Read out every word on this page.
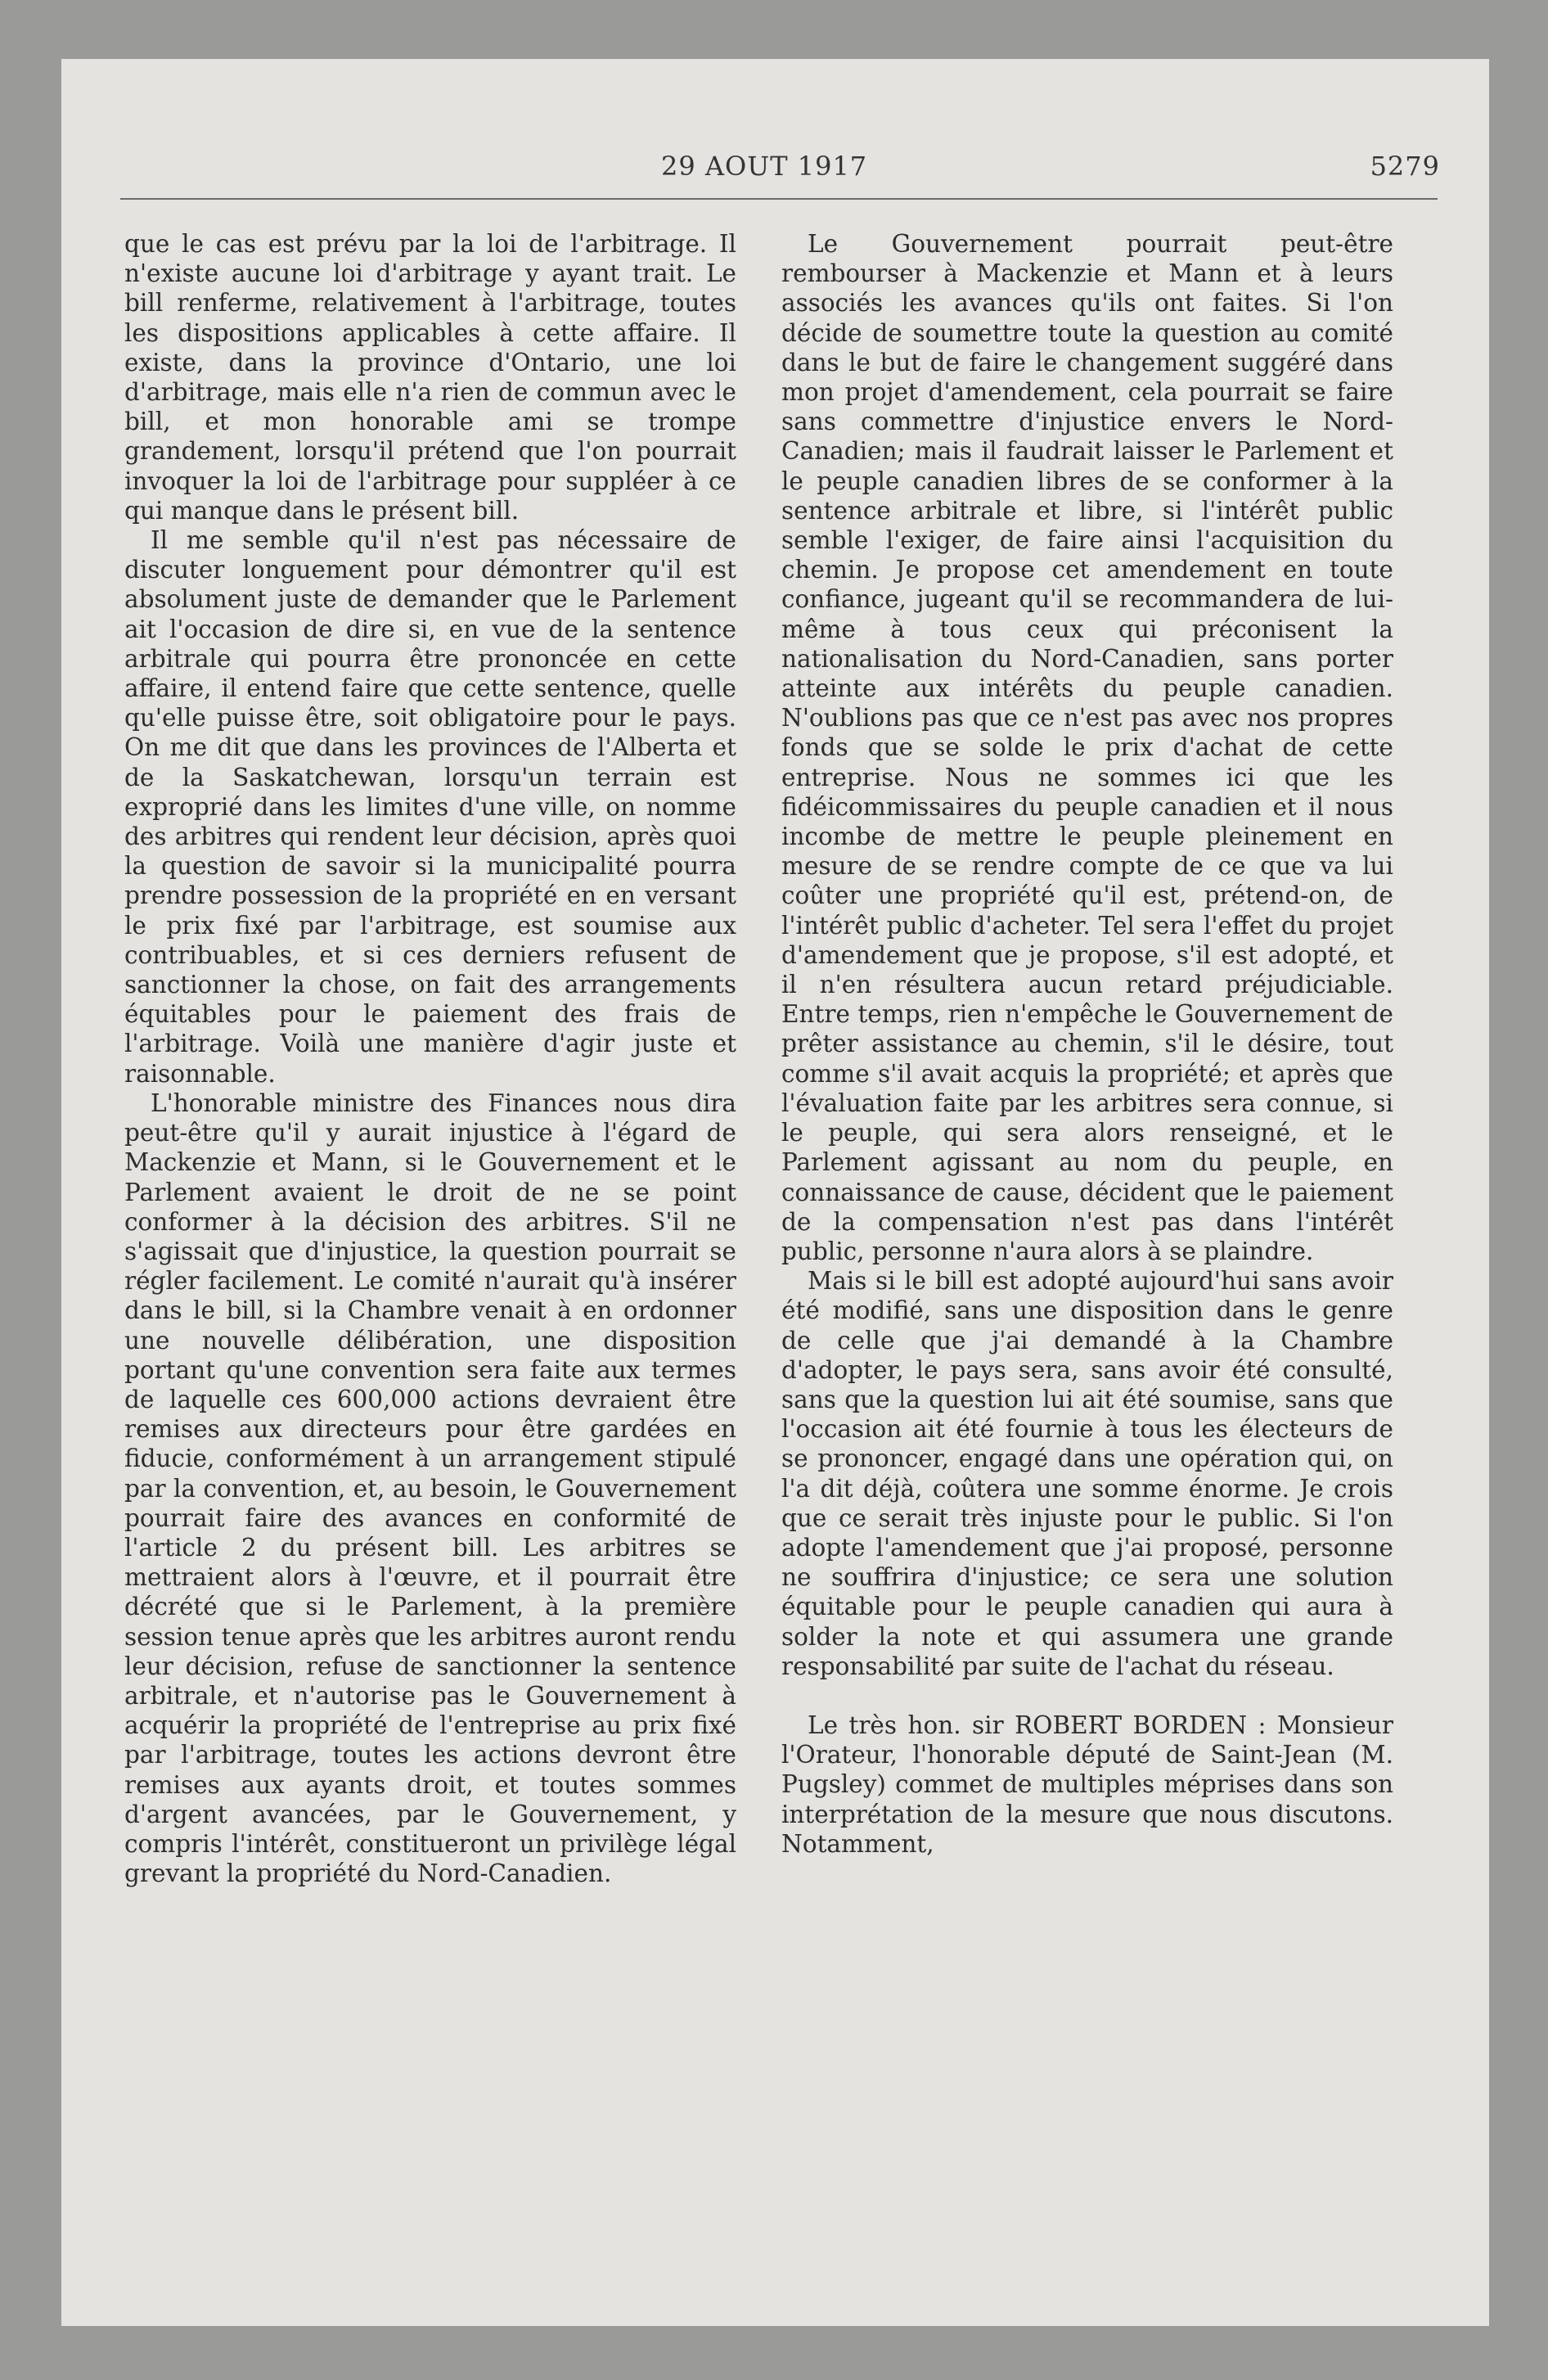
29 AOUT 1917	5279

que le cas est prévu par la loi de l'arbitrage. Il n'existe aucune loi d'arbitrage y ayant trait. Le bill renferme, relativement à l'arbitrage, toutes les dispositions applicables à cette affaire. Il existe, dans la province d'Ontario, une loi d'arbitrage, mais elle n'a rien de commun avec le bill, et mon honorable ami se trompe grandement, lorsqu'il prétend que l'on pourrait invoquer la loi de l'arbitrage pour suppléer à ce qui manque dans le présent bill.

Il me semble qu'il n'est pas nécessaire de discuter longuement pour démontrer qu'il est absolument juste de demander que le Parlement ait l'occasion de dire si, en vue de la sentence arbitrale qui pourra être prononcée en cette affaire, il entend faire que cette sentence, quelle qu'elle puisse être, soit obligatoire pour le pays. On me dit que dans les provinces de l'Alberta et de la Saskatchewan, lorsqu'un terrain est exproprié dans les limites d'une ville, on nomme des arbitres qui rendent leur décision, après quoi la question de savoir si la municipalité pourra prendre possession de la propriété en en versant le prix fixé par l'arbitrage, est soumise aux contribuables, et si ces derniers refusent de sanctionner la chose, on fait des arrangements équitables pour le paiement des frais de l'arbitrage. Voilà une manière d'agir juste et raisonnable.

L'honorable ministre des Finances nous dira peut-être qu'il y aurait injustice à l'égard de Mackenzie et Mann, si le Gouvernement et le Parlement avaient le droit de ne se point conformer à la décision des arbitres. S'il ne s'agissait que d'injustice, la question pourrait se régler facilement. Le comité n'aurait qu'à insérer dans le bill, si la Chambre venait à en ordonner une nouvelle délibération, une disposition portant qu'une convention sera faite aux termes de laquelle ces 600,000 actions devraient être remises aux directeurs pour être gardées en fiducie, conformément à un arrangement stipulé par la convention, et, au besoin, le Gouvernement pourrait faire des avances en conformité de l'article 2 du présent bill. Les arbitres se mettraient alors à l'œuvre, et il pourrait être décrété que si le Parlement, à la première session tenue après que les arbitres auront rendu leur décision, refuse de sanctionner la sentence arbitrale, et n'autorise pas le Gouvernement à acquérir la propriété de l'entreprise au prix fixé par l'arbitrage, toutes les actions devront être remises aux ayants droit, et toutes sommes d'argent avancées, par le Gouvernement, y compris l'intérêt, constitueront un privilège légal grevant la propriété du Nord-Canadien.

Le Gouvernement pourrait peut-être rembourser à Mackenzie et Mann et à leurs associés les avances qu'ils ont faites. Si l'on décide de soumettre toute la question au comité dans le but de faire le changement suggéré dans mon projet d'amendement, cela pourrait se faire sans commettre d'injustice envers le Nord-Canadien; mais il faudrait laisser le Parlement et le peuple canadien libres de se conformer à la sentence arbitrale et libre, si l'intérêt public semble l'exiger, de faire ainsi l'acquisition du chemin. Je propose cet amendement en toute confiance, jugeant qu'il se recommandera de lui-même à tous ceux qui préconisent la nationalisation du Nord-Canadien, sans porter atteinte aux intérêts du peuple canadien. N'oublions pas que ce n'est pas avec nos propres fonds que se solde le prix d'achat de cette entreprise. Nous ne sommes ici que les fidéicommissaires du peuple canadien et il nous incombe de mettre le peuple pleinement en mesure de se rendre compte de ce que va lui coûter une propriété qu'il est, prétend-on, de l'intérêt public d'acheter. Tel sera l'effet du projet d'amendement que je propose, s'il est adopté, et il n'en résultera aucun retard préjudiciable. Entre temps, rien n'empêche le Gouvernement de prêter assistance au chemin, s'il le désire, tout comme s'il avait acquis la propriété; et après que l'évaluation faite par les arbitres sera connue, si le peuple, qui sera alors renseigné, et le Parlement agissant au nom du peuple, en connaissance de cause, décident que le paiement de la compensation n'est pas dans l'intérêt public, personne n'aura alors à se plaindre.

Mais si le bill est adopté aujourd'hui sans avoir été modifié, sans une disposition dans le genre de celle que j'ai demandé à la Chambre d'adopter, le pays sera, sans avoir été consulté, sans que la question lui ait été soumise, sans que l'occasion ait été fournie à tous les électeurs de se prononcer, engagé dans une opération qui, on l'a dit déjà, coûtera une somme énorme. Je crois que ce serait très injuste pour le public. Si l'on adopte l'amendement que j'ai proposé, personne ne souffrira d'injustice; ce sera une solution équitable pour le peuple canadien qui aura à solder la note et qui assumera une grande responsabilité par suite de l'achat du réseau.

Le très hon. sir ROBERT BORDEN : Monsieur l'Orateur, l'honorable député de Saint-Jean (M. Pugsley) commet de multiples méprises dans son interprétation de la mesure que nous discutons. Notamment,
